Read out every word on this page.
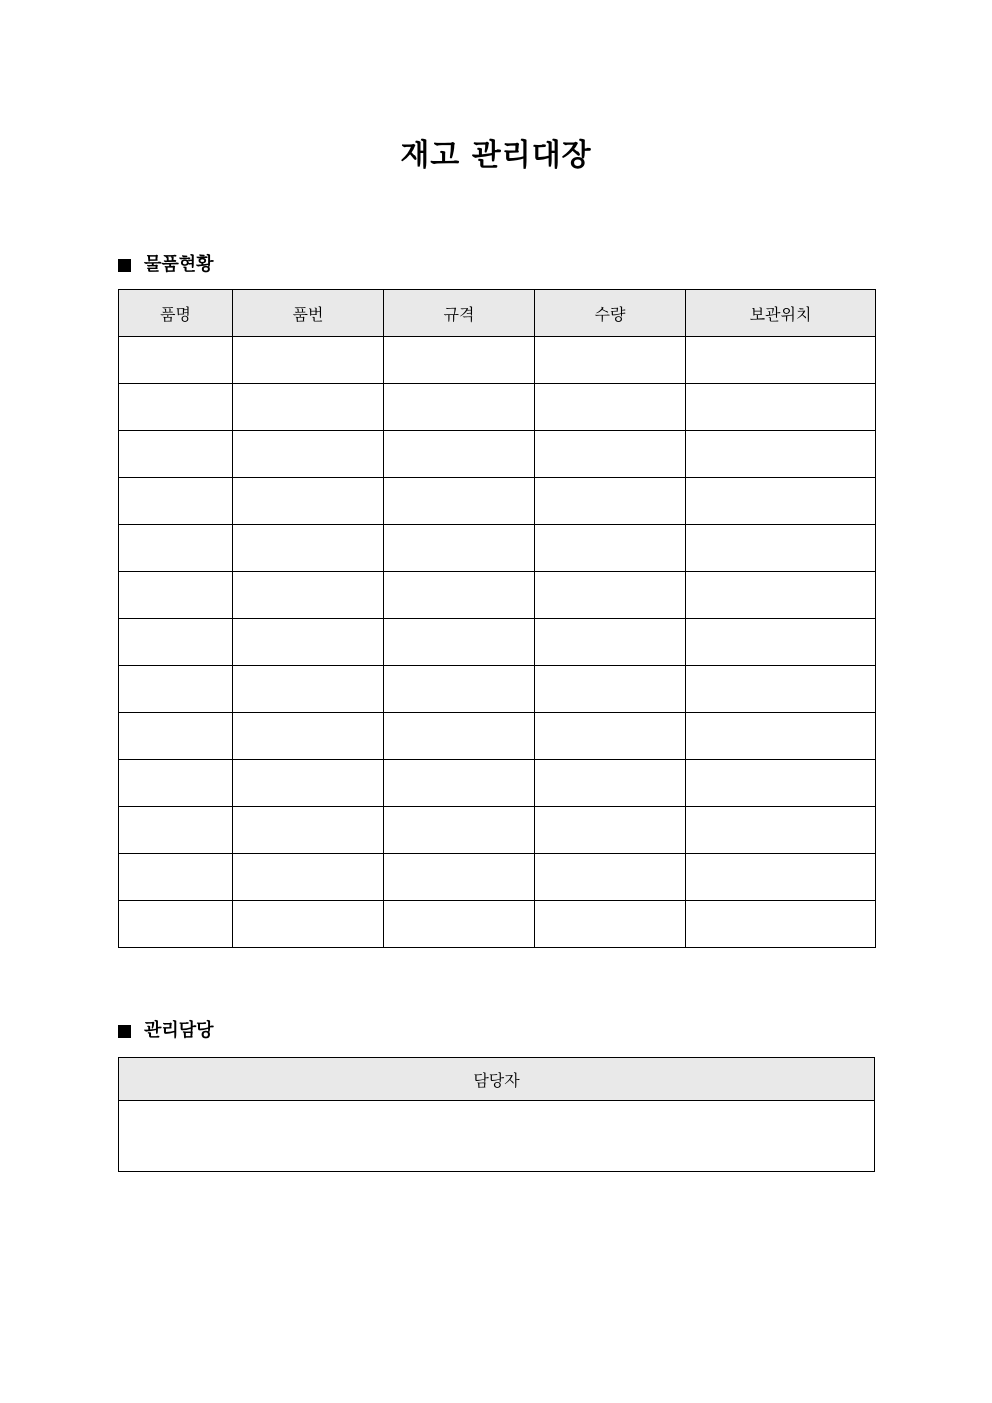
재고 관리대장
물품현황
품명	품번	규격	수량	보관위치

관리담당
담당자
